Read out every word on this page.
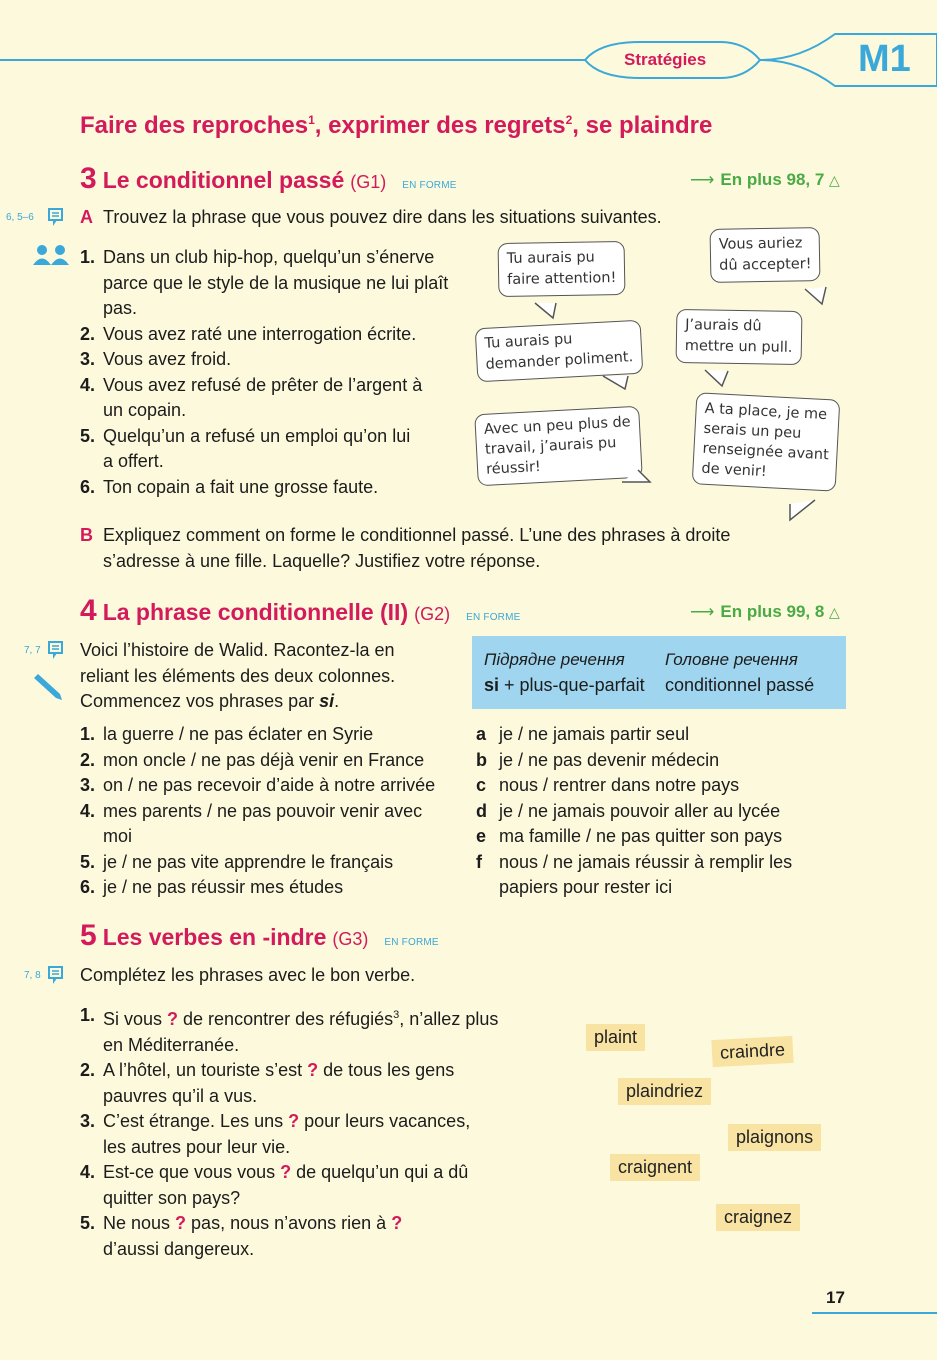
Stratégies	M1
Faire des reproches$^1$, exprimer des regrets$^2$, se plaindre
3 Le conditionnel passé (G1) EN FORME	⟶ En plus 98, 7 △
6, 5–6	A Trouvez la phrase que vous pouvez dire dans les situations suivantes.
1. Dans un club hip-hop, quelqu’un s’énerve
parce que le style de la musique ne lui plaît
pas.
2. Vous avez raté une interrogation écrite.
3. Vous avez froid.
4. Vous avez refusé de prêter de l’argent à
un copain.
5. Quelqu’un a refusé un emploi qu’on lui
a offert.
6. Ton copain a fait une grosse faute.
Tu aurais pu
faire attention!
Vous auriez
dû accepter!
Tu aurais pu
demander poliment.
J’aurais dû
mettre un pull.
Avec un peu plus de
travail, j’aurais pu
réussir!
A ta place, je me
serais un peu
renseignée avant
de venir!
B Expliquez comment on forme le conditionnel passé. L’une des phrases à droite
s’adresse à une fille. Laquelle? Justifiez votre réponse.
4 La phrase conditionnelle (II) (G2) EN FORME	⟶ En plus 99, 8 △
7, 7 Voici l’histoire de Walid. Racontez-la en
reliant les éléments des deux colonnes.
Commencez vos phrases par si.
Підрядне речення Головне речення
si + plus-que-parfait conditionnel passé
1. la guerre / ne pas éclater en Syrie
2. mon oncle / ne pas déjà venir en France
3. on / ne pas recevoir d’aide à notre arrivée
4. mes parents / ne pas pouvoir venir avec
moi
5. je / ne pas vite apprendre le français
6. je / ne pas réussir mes études
a je / ne jamais partir seul
b je / ne pas devenir médecin
c nous / rentrer dans notre pays
d je / ne jamais pouvoir aller au lycée
e ma famille / ne pas quitter son pays
f nous / ne jamais réussir à remplir les
papiers pour rester ici
5 Les verbes en -indre (G3) EN FORME
7, 8 Complétez les phrases avec le bon verbe.
1. Si vous ? de rencontrer des réfugiés$^3$, n’allez plus
en Méditerranée.
2. A l’hôtel, un touriste s’est ? de tous les gens
pauvres qu’il a vus.
3. C’est étrange. Les uns ? pour leurs vacances,
les autres pour leur vie.
4. Est-ce que vous vous ? de quelqu’un qui a dû
quitter son pays?
5. Ne nous ? pas, nous n’avons rien à ?
d’aussi dangereux.
plaint
craindre
plaindriez
plaignons
craignent
craignez
17
